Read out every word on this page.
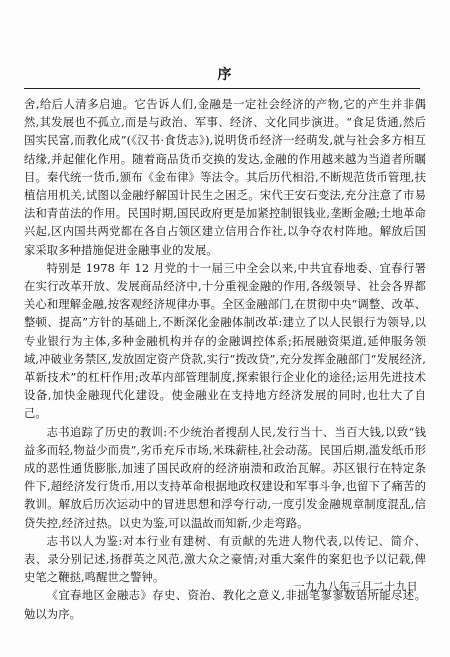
序

舍,给后人清多启迪。它告诉人们,金融是一定社会经济的产物,它的产生并非偶然,其发展也不孤立,而是与政治、军事、经济、文化同步演进。“食足货通,然后国实民富,而教化成”(《汉书·食货志》),说明货币经济一经萌发,就与社会多方相互结缘,并起催化作用。随着商品货币交换的发达,金融的作用越来越为当道者所瞩目。秦代统一货币,颁布《金布律》等法令。其后历代相沿,不断规范货币管理,扶植信用机关,试图以金融纾解国计民生之困乏。宋代王安石变法,充分注意了市易法和青苗法的作用。民国时期,国民政府更是加紧控制银钱业,垄断金融;土地革命兴起,区内国共两党都在各自占领区建立信用合作社,以争夺农村阵地。解放后国家采取多种措施促进金融事业的发展。

特别是 1978 年 12 月党的十一届三中全会以来,中共宜春地委、宜春行署在实行改革开放、发展商品经济中,十分重视金融的作用,各级领导、社会各界都关心和理解金融,按客观经济规律办事。全区金融部门,在贯彻中央“调整、改革、整顿、提高”方针的基础上,不断深化金融体制改革:建立了以人民银行为领导,以专业银行为主体,多种金融机构并存的金融调控体系;拓展融资渠道,延伸服务领域,冲破业务禁区,发放固定资产贷款,实行“拨改贷”,充分发挥金融部门“发展经济,革新技术”的杠杆作用;改革内部管理制度,探索银行企业化的途径;运用先进技术设备,加快金融现代化建设。使金融业在支持地方经济发展的同时,也壮大了自己。

志书追踪了历史的教训:不少统治者搜刮人民,发行当十、当百大钱,以致“钱益多而轻,物益少而贵”,劣币充斥市场,米珠薪桂,社会动荡。民国后期,滥发纸币形成的恶性通货膨胀,加速了国民政府的经济崩溃和政治瓦解。苏区银行在特定条件下,超经济发行货币,用以支持革命根据地政权建设和军事斗争,也留下了痛苦的教训。解放后历次运动中的冒进思想和浮夸行动,一度引发金融规章制度混乱,信贷失控,经济过热。以史为鉴,可以温故而知新,少走弯路。

志书以人为鉴:对本行业有建树、有贡献的先进人物代表,以传记、简介、表、录分别记述,扬群英之风范,激大众之豪情;对重大案件的案犯也予以记载,俾史笔之鞭挞,鸣醒世之警钟。

《宜春地区金融志》存史、资治、教化之意义,非拙笔寥寥数语所能尽述。勉以为序。

一九九八年三月二十九日
